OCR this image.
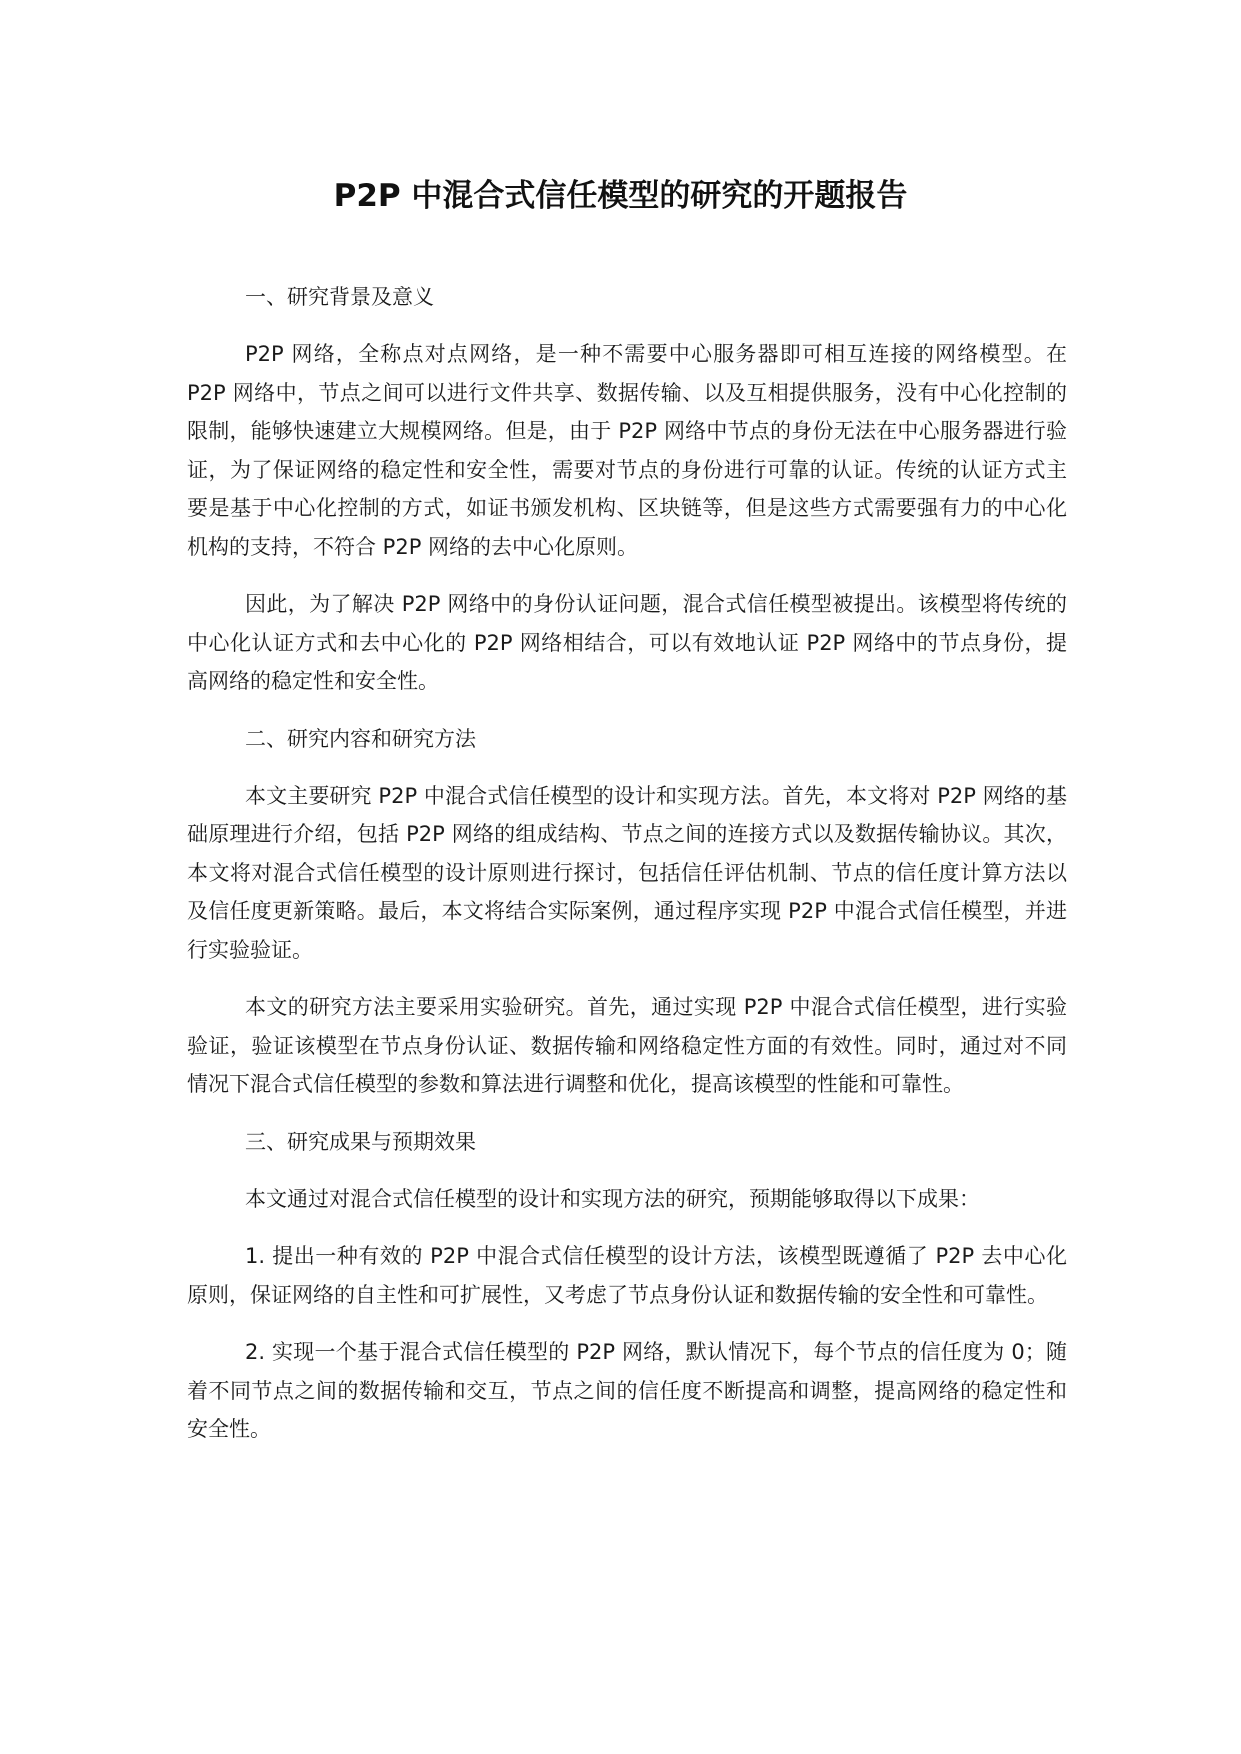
P2P 中混合式信任模型的研究的开题报告
一、研究背景及意义

P2P 网络，全称点对点网络，是一种不需要中心服务器即可相互连接的网络模型。在 P2P 网络中，节点之间可以进行文件共享、数据传输、以及互相提供服务，没有中心化控制的限制，能够快速建立大规模网络。但是，由于 P2P 网络中节点的身份无法在中心服务器进行验证，为了保证网络的稳定性和安全性，需要对节点的身份进行可靠的认证。传统的认证方式主要是基于中心化控制的方式，如证书颁发机构、区块链等，但是这些方式需要强有力的中心化机构的支持，不符合 P2P 网络的去中心化原则。

因此，为了解决 P2P 网络中的身份认证问题，混合式信任模型被提出。该模型将传统的中心化认证方式和去中心化的 P2P 网络相结合，可以有效地认证 P2P 网络中的节点身份，提高网络的稳定性和安全性。

二、研究内容和研究方法

本文主要研究 P2P 中混合式信任模型的设计和实现方法。首先，本文将对 P2P 网络的基础原理进行介绍，包括 P2P 网络的组成结构、节点之间的连接方式以及数据传输协议。其次，本文将对混合式信任模型的设计原则进行探讨，包括信任评估机制、节点的信任度计算方法以及信任度更新策略。最后，本文将结合实际案例，通过程序实现 P2P 中混合式信任模型，并进行实验验证。

本文的研究方法主要采用实验研究。首先，通过实现 P2P 中混合式信任模型，进行实验验证，验证该模型在节点身份认证、数据传输和网络稳定性方面的有效性。同时，通过对不同情况下混合式信任模型的参数和算法进行调整和优化，提高该模型的性能和可靠性。

三、研究成果与预期效果

本文通过对混合式信任模型的设计和实现方法的研究，预期能够取得以下成果：

1. 提出一种有效的 P2P 中混合式信任模型的设计方法，该模型既遵循了 P2P 去中心化原则，保证网络的自主性和可扩展性，又考虑了节点身份认证和数据传输的安全性和可靠性。

2. 实现一个基于混合式信任模型的 P2P 网络，默认情况下，每个节点的信任度为 0；随着不同节点之间的数据传输和交互，节点之间的信任度不断提高和调整，提高网络的稳定性和安全性。
